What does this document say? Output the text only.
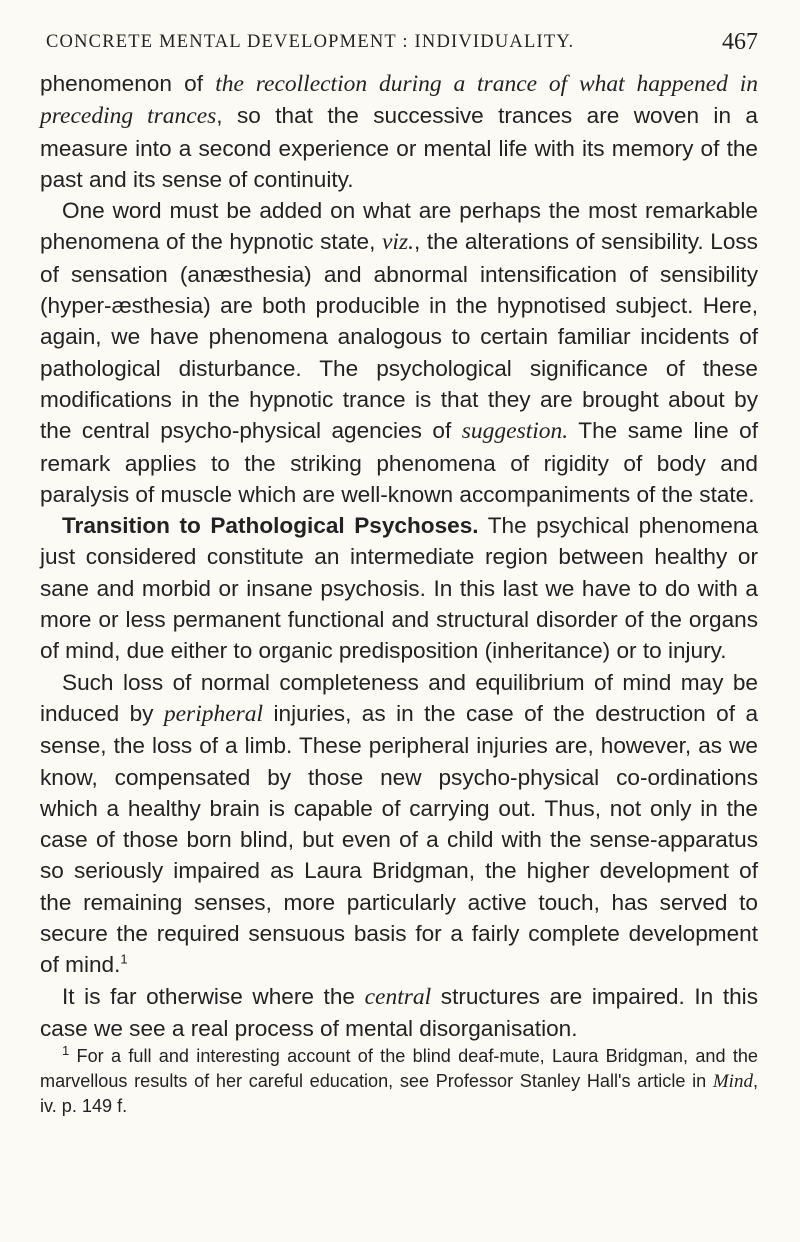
CONCRETE MENTAL DEVELOPMENT : INDIVIDUALITY.	467

phenomenon of the recollection during a trance of what happened in preceding trances, so that the successive trances are woven in a measure into a second experience or mental life with its memory of the past and its sense of continuity.

One word must be added on what are perhaps the most remarkable phenomena of the hypnotic state, viz., the alterations of sensibility. Loss of sensation (anæsthesia) and abnormal intensification of sensibility (hyper-æsthesia) are both producible in the hypnotised subject. Here, again, we have phenomena analogous to certain familiar incidents of pathological disturbance. The psychological significance of these modifications in the hypnotic trance is that they are brought about by the central psycho-physical agencies of suggestion. The same line of remark applies to the striking phenomena of rigidity of body and paralysis of muscle which are well-known accompaniments of the state.

Transition to Pathological Psychoses. The psychical phenomena just considered constitute an intermediate region between healthy or sane and morbid or insane psychosis. In this last we have to do with a more or less permanent functional and structural disorder of the organs of mind, due either to organic predisposition (inheritance) or to injury.

Such loss of normal completeness and equilibrium of mind may be induced by peripheral injuries, as in the case of the destruction of a sense, the loss of a limb. These peripheral injuries are, however, as we know, compensated by those new psycho-physical co-ordinations which a healthy brain is capable of carrying out. Thus, not only in the case of those born blind, but even of a child with the sense-apparatus so seriously impaired as Laura Bridgman, the higher development of the remaining senses, more particularly active touch, has served to secure the required sensuous basis for a fairly complete development of mind.$^1$

It is far otherwise where the central structures are impaired. In this case we see a real process of mental disorganisation.

$^1$ For a full and interesting account of the blind deaf-mute, Laura Bridgman, and the marvellous results of her careful education, see Professor Stanley Hall's article in Mind, iv. p. 149 f.
